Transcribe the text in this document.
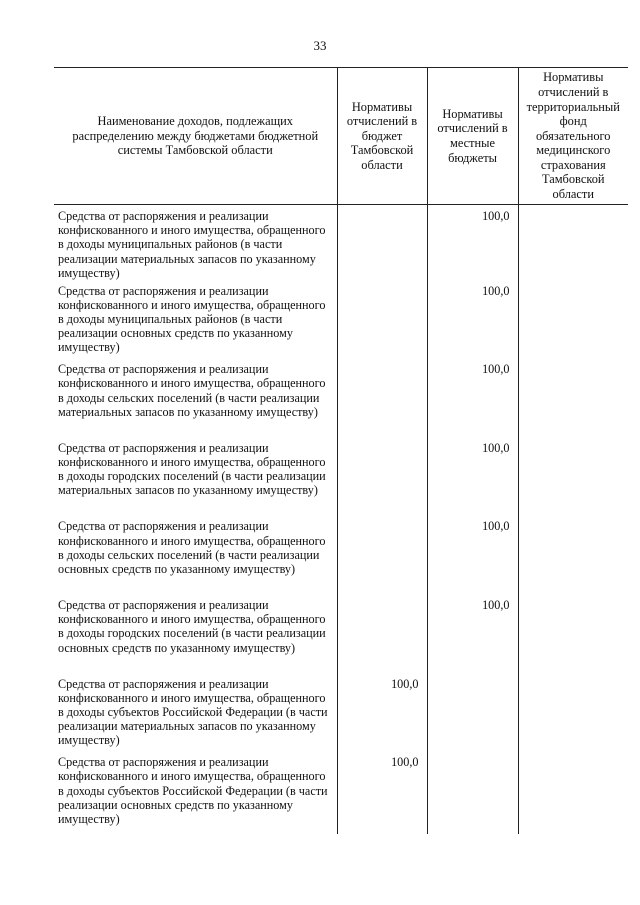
33
Наименование доходов, подлежащих распределению между бюджетами бюджетной системы Тамбовской области	Нормативы отчислений в бюджет Тамбовской области	Нормативы отчислений в местные бюджеты	Нормативы отчислений в территориальный фонд обязательного медицинского страхования Тамбовской области
Средства от распоряжения и реализации конфискованного и иного имущества, обращенного в доходы муниципальных районов (в части реализации материальных запасов по указанному имуществу)		100,0	
Средства от распоряжения и реализации конфискованного и иного имущества, обращенного в доходы муниципальных районов (в части реализации основных средств по указанному имуществу)		100,0	
Средства от распоряжения и реализации конфискованного и иного имущества, обращенного в доходы сельских поселений (в части реализации материальных запасов по указанному имуществу)		100,0	
Средства от распоряжения и реализации конфискованного и иного имущества, обращенного в доходы городских поселений (в части реализации материальных запасов по указанному имуществу)		100,0	
Средства от распоряжения и реализации конфискованного и иного имущества, обращенного в доходы сельских поселений (в части реализации основных средств по указанному имуществу)		100,0	
Средства от распоряжения и реализации конфискованного и иного имущества, обращенного в доходы городских поселений (в части реализации основных средств по указанному имуществу)		100,0	
Средства от распоряжения и реализации конфискованного и иного имущества, обращенного в доходы субъектов Российской Федерации (в части реализации материальных запасов по указанному имуществу)	100,0		
Средства от распоряжения и реализации конфискованного и иного имущества, обращенного в доходы субъектов Российской Федерации (в части реализации основных средств по указанному имуществу)	100,0		
